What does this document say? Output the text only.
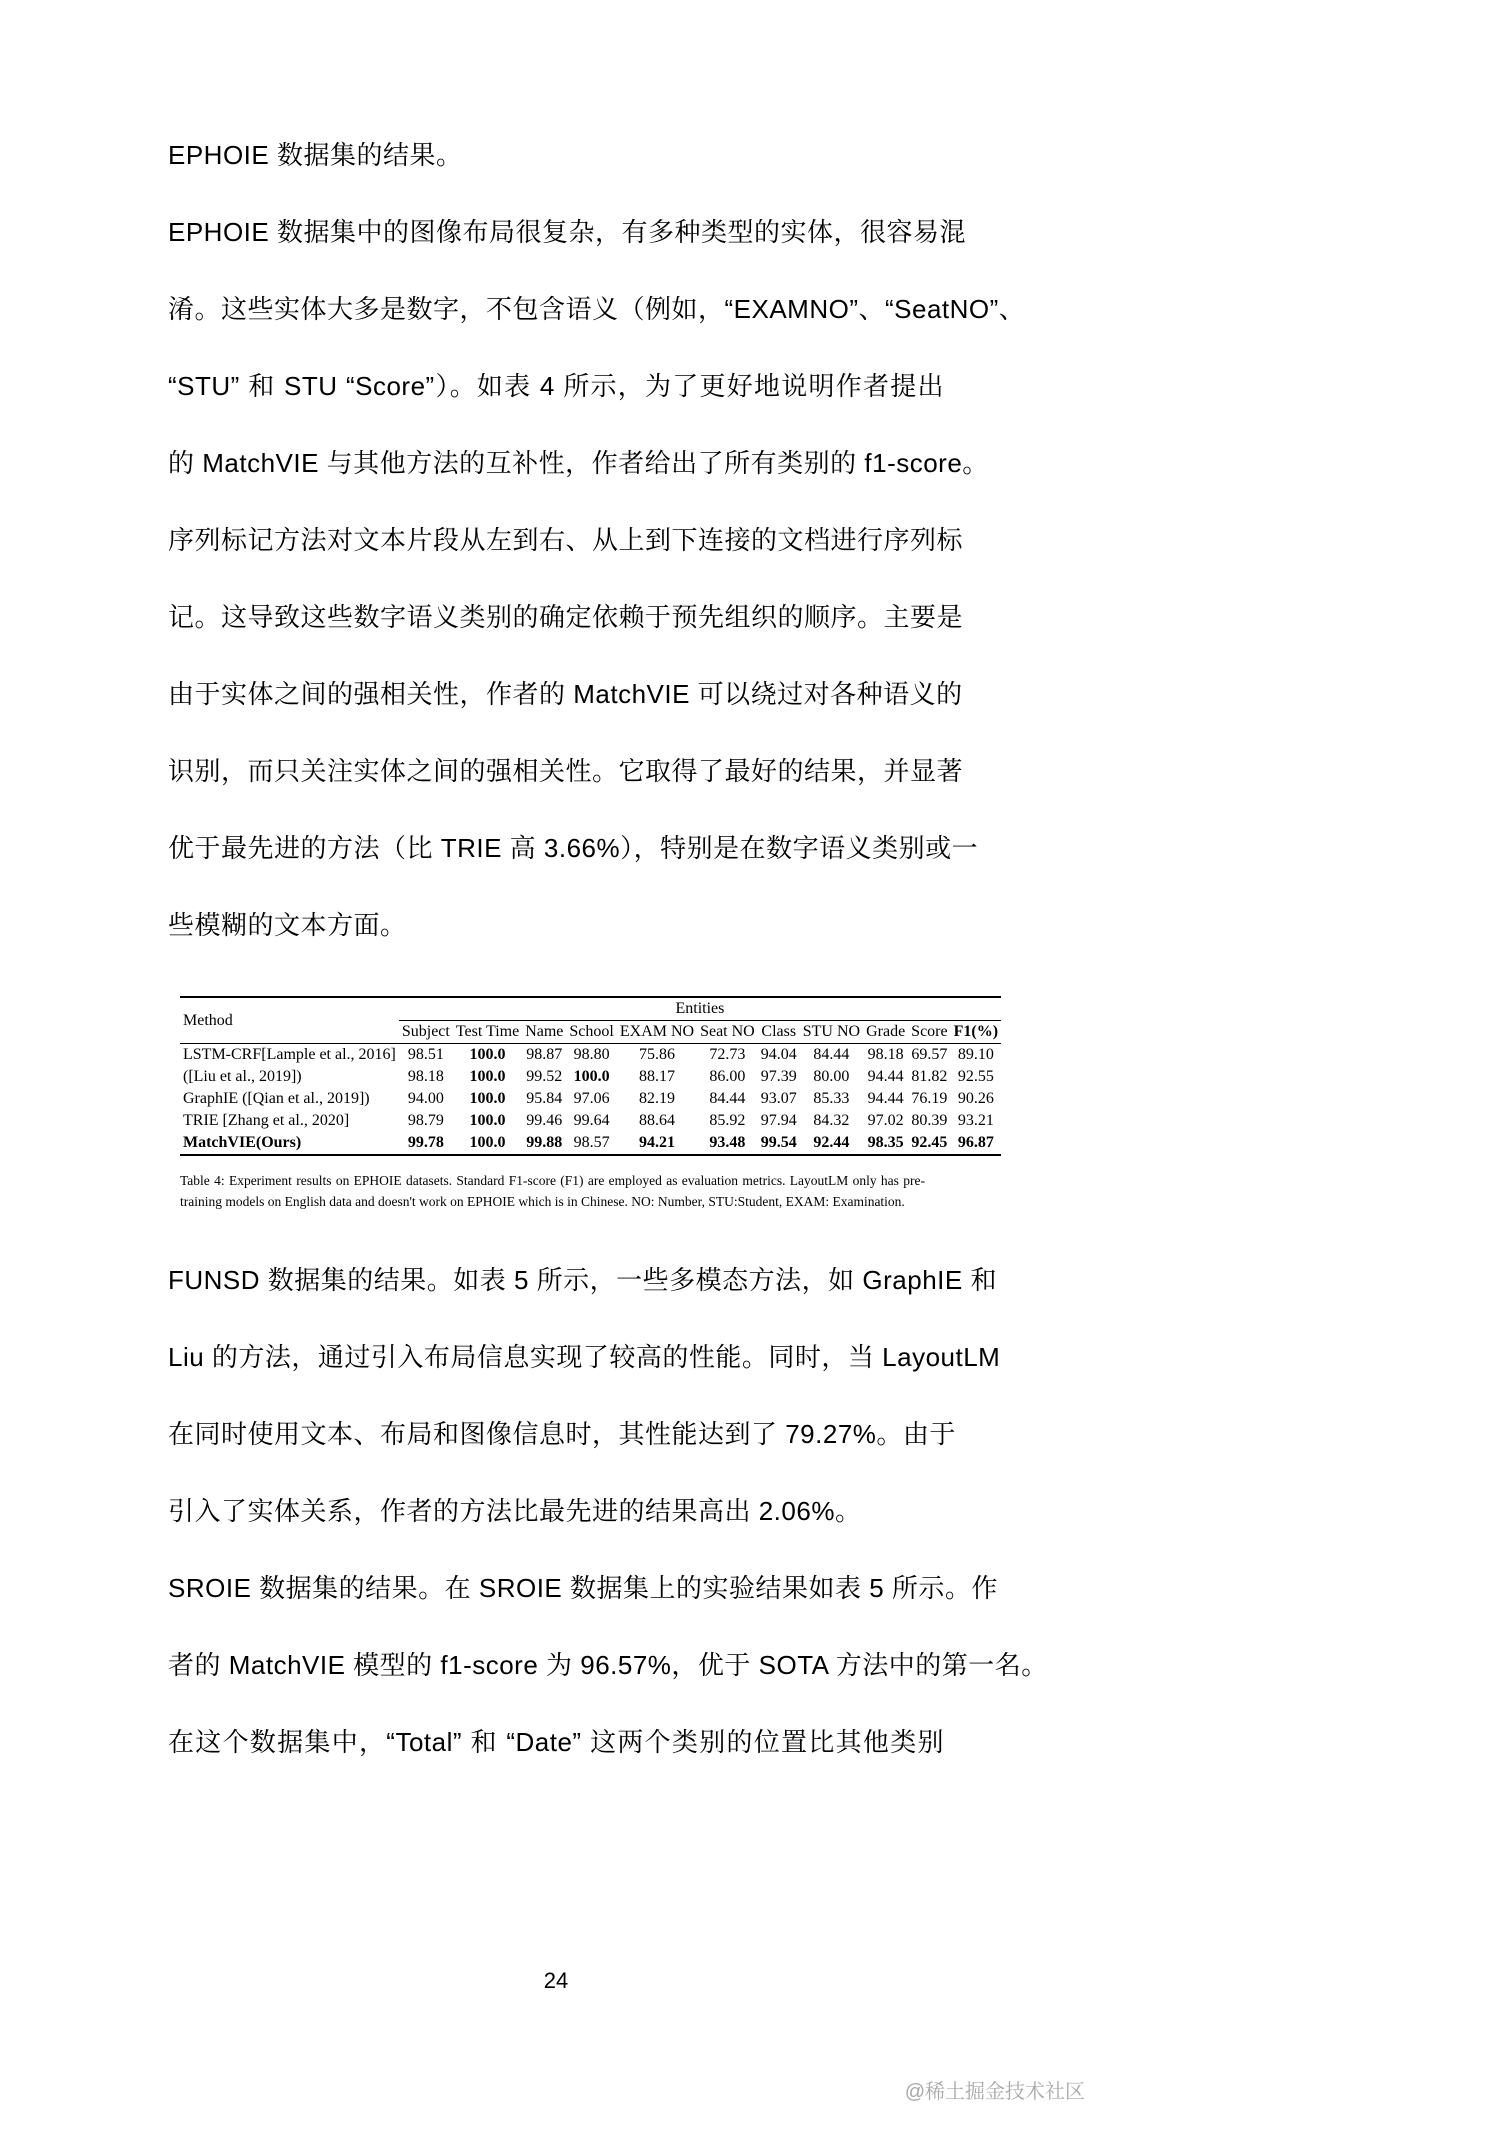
EPHOIE 数据集的结果。
EPHOIE 数据集中的图像布局很复杂，有多种类型的实体，很容易混
淆。这些实体大多是数字，不包含语义（例如，“EXAMNO”、“SeatNO”、
“STU” 和 STU “Score”）。如表 4 所示，为了更好地说明作者提出
的 MatchVIE 与其他方法的互补性，作者给出了所有类别的 f1-score。
序列标记方法对文本片段从左到右、从上到下连接的文档进行序列标
记。这导致这些数字语义类别的确定依赖于预先组织的顺序。主要是
由于实体之间的强相关性，作者的 MatchVIE 可以绕过对各种语义的
识别，而只关注实体之间的强相关性。它取得了最好的结果，并显著
优于最先进的方法（比 TRIE 高 3.66%），特别是在数字语义类别或一
些模糊的文本方面。
Method	Entities										
	Subject	Test Time	Name	School	EXAM NO	Seat NO	Class	STU NO	Grade	Score	F1(%)
LSTM-CRF[Lample et al., 2016]	98.51	100.0	98.87	98.80	75.86	72.73	94.04	84.44	98.18	69.57	89.10
([Liu et al., 2019])	98.18	100.0	99.52	100.0	88.17	86.00	97.39	80.00	94.44	81.82	92.55
GraphIE ([Qian et al., 2019])	94.00	100.0	95.84	97.06	82.19	84.44	93.07	85.33	94.44	76.19	90.26
TRIE [Zhang et al., 2020]	98.79	100.0	99.46	99.64	88.64	85.92	97.94	84.32	97.02	80.39	93.21
MatchVIE(Ours)	99.78	100.0	99.88	98.57	94.21	93.48	99.54	92.44	98.35	92.45	96.87
Table 4: Experiment results on EPHOIE datasets. Standard F1-score (F1) are employed as evaluation metrics. LayoutLM only has pre-
training models on English data and doesn't work on EPHOIE which is in Chinese. NO: Number, STU:Student, EXAM: Examination.
FUNSD 数据集的结果。如表 5 所示，一些多模态方法，如 GraphIE 和
Liu 的方法，通过引入布局信息实现了较高的性能。同时，当 LayoutLM
在同时使用文本、布局和图像信息时，其性能达到了 79.27%。由于
引入了实体关系，作者的方法比最先进的结果高出 2.06%。
SROIE 数据集的结果。在 SROIE 数据集上的实验结果如表 5 所示。作
者的 MatchVIE 模型的 f1-score 为 96.57%，优于 SOTA 方法中的第一名。
在这个数据集中，“Total” 和 “Date” 这两个类别的位置比其他类别
24
@稀土掘金技术社区
